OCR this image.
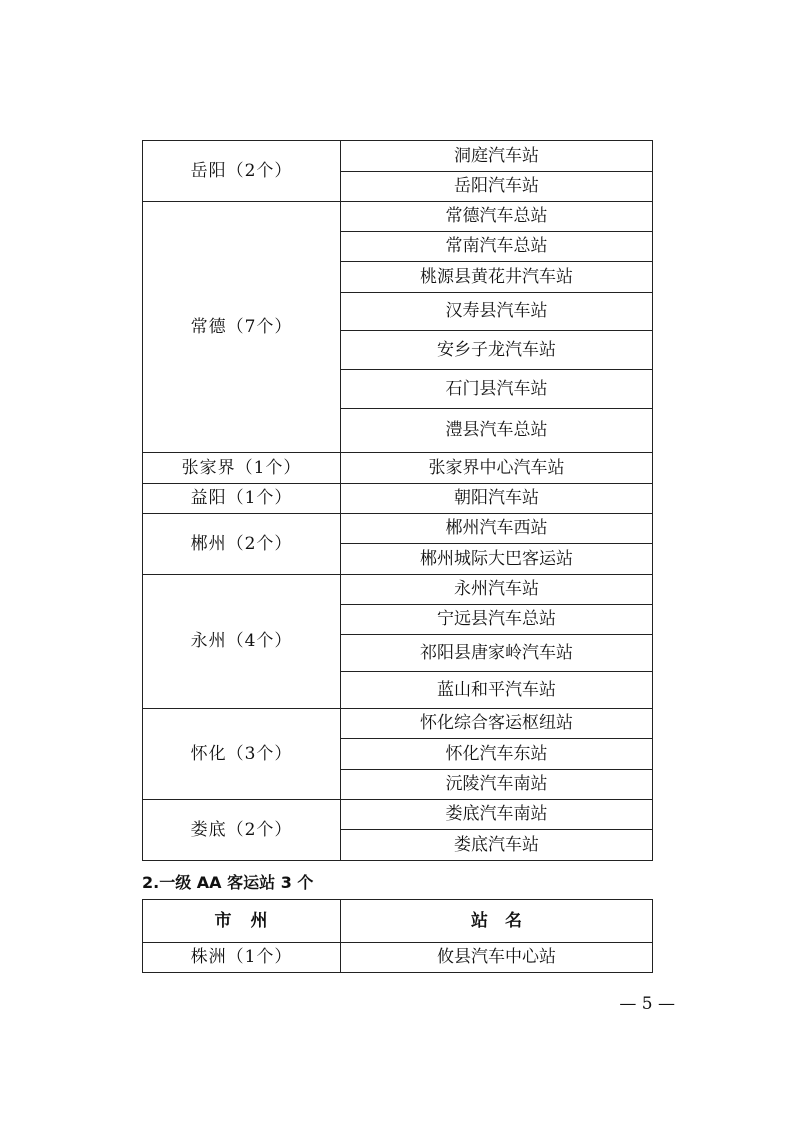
岳阳（2个）	洞庭汽车站
	岳阳汽车站
常德（7个）	常德汽车总站
	常南汽车总站
	桃源县黄花井汽车站
	汉寿县汽车站
	安乡子龙汽车站
	石门县汽车站
	澧县汽车总站
张家界（1个）	张家界中心汽车站
益阳（1个）	朝阳汽车站
郴州（2个）	郴州汽车西站
	郴州城际大巴客运站
永州（4个）	永州汽车站
	宁远县汽车总站
	祁阳县唐家岭汽车站
	蓝山和平汽车站
怀化（3个）	怀化综合客运枢纽站
	怀化汽车东站
	沅陵汽车南站
娄底（2个）	娄底汽车南站
	娄底汽车站
2.一级 AA 客运站 3 个
市　州	站　名
株洲（1个）	攸县汽车中心站
— 5 —
